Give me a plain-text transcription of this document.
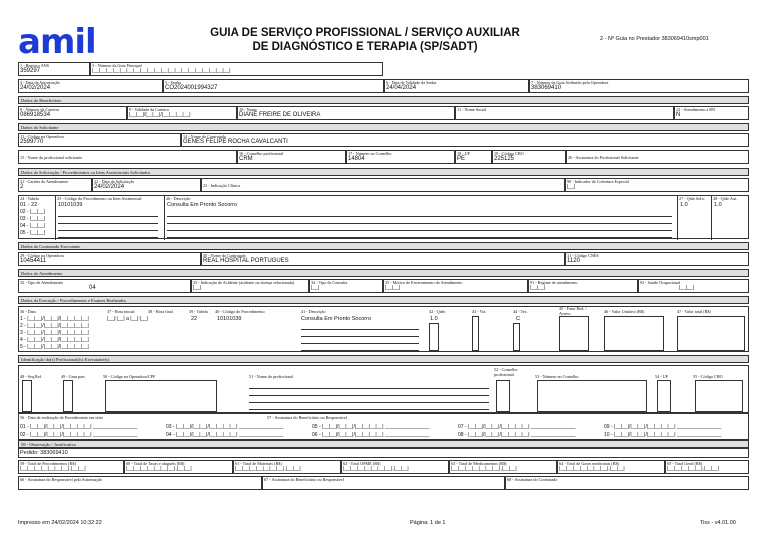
amil	GUIA DE SERVIÇO PROFISSIONAL / SERVIÇO AUXILIAR
DE DIAGNÓSTICO E TERAPIA (SP/SADT)
2 - Nº Guia no Prestador 383069410smp001
1 - Registro ANS
359297
3 - Número da Guia Principal
|__|__|__|__|__|__|__|__|__|__|__|__|__|__|__|__|__|__|__|__|
4 - Data da Autorização
24/02/2024
5 - Senha
CO2024001994327
6 - Data de Validade da Senha
24/04/2024
7 - Número da Guia Atribuído pela Operadora
383069410
Dados do Beneficiário
8 - Número da Carteira
086918534
9 - Validade da Carteira
|__|__|/|__|__|/|__|__|__|__|
10 - Nome
DIANE FREIRE DE OLIVEIRA
11 - Nome Social	12 - Atendimento a RN
N
Dados do Solicitante
13 - Código na Operadora
2599770
14 - Nome do Contratado
GENES FELIPE ROCHA CAVALCANTI
15 - Nome do profissional solicitante
16 - Conselho profissional
CRM
17 - Número no Conselho
14804
18 - UF
PE
19 - Código CBO
225125	20 - Assinatura do Profissional Solicitante
Dados da Solicitação / Procedimentos ou Itens Assistenciais Solicitados
21 - Caráter do Atendimento
2
22 - Data da Solicitação
24/02/2024	23 - Indicação Clínica
90 - Indicador de Cobertura Especial
|__|
24 - Tabela	25 - Código do Procedimento ou Item Assistencial	26 - Descrição	27 - Qtde.Solic. 28 - Qtde.Aut.
01 - 22	10101039	Consulta Em Pronto Socorro	1.0	1.0
02 - |__|__|
03 - |__|__|
04 - |__|__|
05 - |__|__|
Dados do Contratado Executante
29 - Código na Operadora
10454411
30 - Nome do Contratado
REAL HOSPITAL PORTUGUES
31 - Código CNES
1120
Dados do Atendimento
32 - Tipo de Atendimento
04
33 - Indicação de Acidente (acidente ou doença relacionada)
|__|
34 - Tipo de Consulta
|__|
35 - Motivo de Encerramento do Atendimento
|__|__|
91 - Regime de atendimento
|__|__|
92 - Saúde Ocupacional
|__|__|
Dados da Execução / Procedimentos e Exames Realizados
36 - Data	37 - Hora inicial	38 - Hora final	39 - Tabela 40 - Código do Procedimento	41 - Descrição	42 - Qtde.	43 - Via	44 - Tec.
45 - Fator Red. / Acresc.	46 - Valor Unitário (R$)	47 - Valor total (R$)
1 - |__|__|/|__|__|/|__|__|__|__|	|__|:|__| a |__|:|__|	22	10101039	Consulta Em Pronto Socorro	1.0	C
2 - |__|__|/|__|__|/|__|__|__|__|
3 - |__|__|/|__|__|/|__|__|__|__|
4 - |__|__|/|__|__|/|__|__|__|__|
5 - |__|__|/|__|__|/|__|__|__|__|
Identificação do(s) Profissional(is) Executante(s)
48 - Seq.Ref.	49 - Grau part.	50 - Código na Operadora/CPF	51 - Nome do profissional
52 - Conselho profissional	53 - Número no Conselho	54 - UF	55 - Código CBO
56 - Data de realização de Procedimento em série	57 - Assinatura do Beneficiário ou Responsável
01 - |__|__|/|__|__|/|__|__|__|__| ________________
02 - |__|__|/|__|__|/|__|__|__|__| ________________
03 - |__|__|/|__|__|/|__|__|__|__| ________________
04 - |__|__|/|__|__|/|__|__|__|__| ________________
05 - |__|__|/|__|__|/|__|__|__|__| ________________
06 - |__|__|/|__|__|/|__|__|__|__| ________________
07 - |__|__|/|__|__|/|__|__|__|__| ________________
08 - |__|__|/|__|__|/|__|__|__|__| ________________
09 - |__|__|/|__|__|/|__|__|__|__| ________________
10 - |__|__|/|__|__|/|__|__|__|__| ________________
58 - Observação / Justificativa
Pedido: 383069410
59 - Total de Procedimentos (R$)
|__|__|__|__|__|__|__|,|__|__|
60 - Total de Taxas e aluguéis (R$)
|__|__|__|__|__|__|__|,|__|__|
61 - Total de Materiais (R$)
|__|__|__|__|__|__|__|,|__|__|
62 - Total OPME (R$)
|__|__|__|__|__|__|__|,|__|__|
63 - Total de Medicamentos (R$)
|__|__|__|__|__|__|__|,|__|__|
64 - Total de Gases medicinais (R$)
|__|__|__|__|__|__|__|,|__|__|
65 - Total Geral (R$)
|__|__|__|__|__|,|__|__|
66 - Assinatura do Responsável pela Autorização	67 - Assinatura do Beneficiário ou Responsável	68 - Assinatura do Contratado
Impresso em 24/02/2024 10:32:22	Página: 1 de 1	Tiss - v4.01.00
